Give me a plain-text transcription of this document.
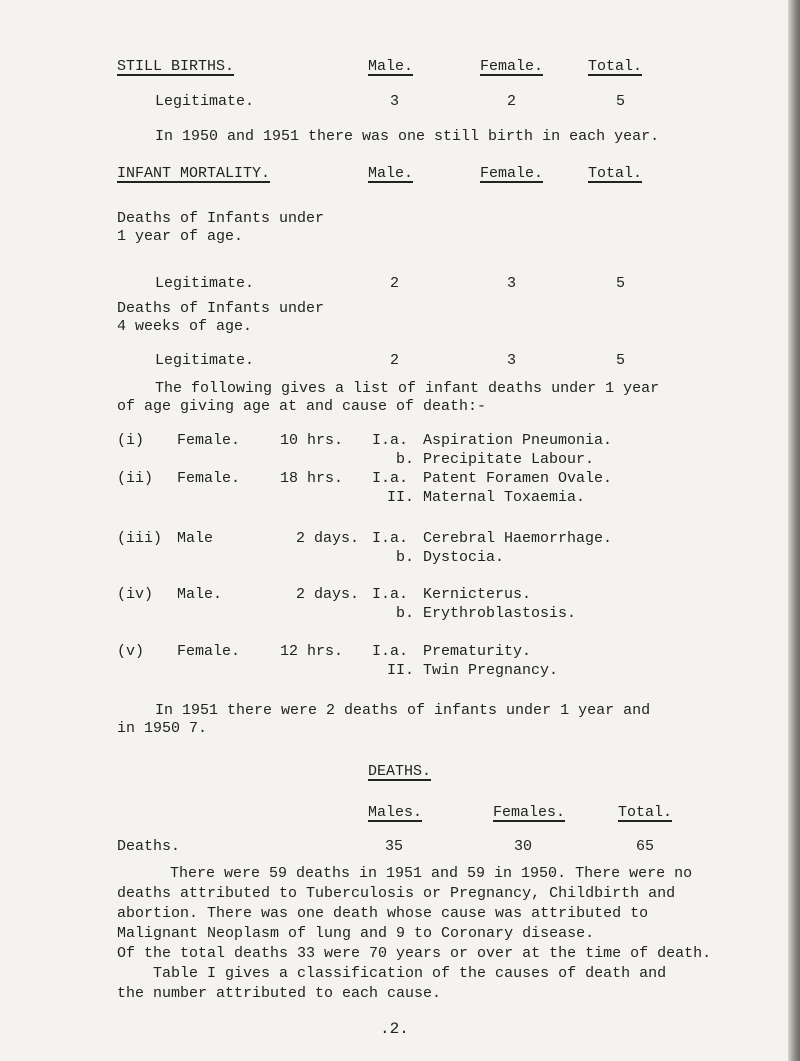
STILL BIRTHS.	Male.	Female.	Total.
Legitimate.	3	2	5
In 1950 and 1951 there was one still birth in each year.
INFANT MORTALITY.	Male.	Female.	Total.
Deaths of Infants under
1 year of age.
Legitimate.	2	3	5
Deaths of Infants under
4 weeks of age.
Legitimate.	2	3	5
The following gives a list of infant deaths under 1 year
of age giving age at and cause of death:-
(i) Female.	10 hrs. I.a. Aspiration Pneumonia.
b. Precipitate Labour.
(ii) Female.	18 hrs. I.a. Patent Foramen Ovale.
II. Maternal Toxaemia.
(iii) Male	2 days. I.a. Cerebral Haemorrhage.
b. Dystocia.
(iv) Male.	2 days. I.a. Kernicterus.
b. Erythroblastosis.
(v) Female.	12 hrs. I.a. Prematurity.
II. Twin Pregnancy.
In 1951 there were 2 deaths of infants under 1 year and
in 1950 7.
DEATHS.
Males.	Females.	Total.
Deaths.	35	30	65
There were 59 deaths in 1951 and 59 in 1950. There were no
deaths attributed to Tuberculosis or Pregnancy, Childbirth and
abortion. There was one death whose cause was attributed to
Malignant Neoplasm of lung and 9 to Coronary disease.
Of the total deaths 33 were 70 years or over at the time of death.
Table I gives a classification of the causes of death and
the number attributed to each cause.
.2.
